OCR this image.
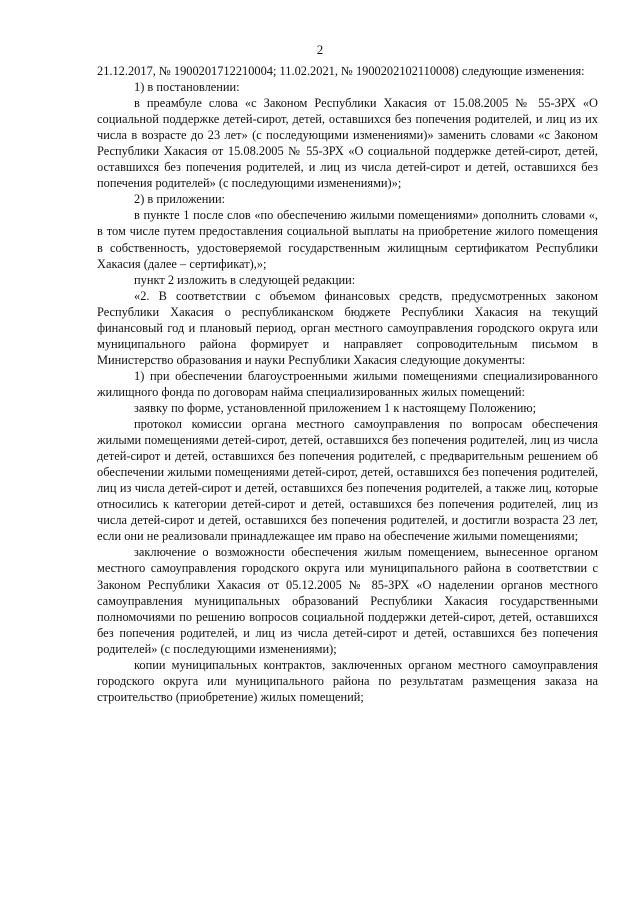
2

21.12.2017, № 1900201712210004; 11.02.2021, № 1900202102110008) следующие изменения:

1) в постановлении:

в преамбуле слова «с Законом Республики Хакасия от 15.08.2005 № 55-ЗРХ «О социальной поддержке детей-сирот, детей, оставшихся без попечения родителей, и лиц из их числа в возрасте до 23 лет» (с последующими изменениями)» заменить словами «с Законом Республики Хакасия от 15.08.2005 № 55-ЗРХ «О социальной поддержке детей-сирот, детей, оставшихся без попечения родителей, и лиц из числа детей-сирот и детей, оставшихся без попечения родителей» (с последующими изменениями)»;

2) в приложении:

в пункте 1 после слов «по обеспечению жилыми помещениями» дополнить словами «, в том числе путем предоставления социальной выплаты на приобретение жилого помещения в собственность, удостоверяемой государственным жилищным сертификатом Республики Хакасия (далее – сертификат),»;

пункт 2 изложить в следующей редакции:

«2. В соответствии с объемом финансовых средств, предусмотренных законом Республики Хакасия о республиканском бюджете Республики Хакасия на текущий финансовый год и плановый период, орган местного самоуправления городского округа или муниципального района формирует и направляет сопроводительным письмом в Министерство образования и науки Республики Хакасия следующие документы:

1) при обеспечении благоустроенными жилыми помещениями специализированного жилищного фонда по договорам найма специализированных жилых помещений:

заявку по форме, установленной приложением 1 к настоящему Положению;

протокол комиссии органа местного самоуправления по вопросам обеспечения жилыми помещениями детей-сирот, детей, оставшихся без попечения родителей, лиц из числа детей-сирот и детей, оставшихся без попечения родителей, с предварительным решением об обеспечении жилыми помещениями детей-сирот, детей, оставшихся без попечения родителей, лиц из числа детей-сирот и детей, оставшихся без попечения родителей, а также лиц, которые относились к категории детей-сирот и детей, оставшихся без попечения родителей, лиц из числа детей-сирот и детей, оставшихся без попечения родителей, и достигли возраста 23 лет, если они не реализовали принадлежащее им право на обеспечение жилыми помещениями;

заключение о возможности обеспечения жилым помещением, вынесенное органом местного самоуправления городского округа или муниципального района в соответствии с Законом Республики Хакасия от 05.12.2005 № 85-ЗРХ «О наделении органов местного самоуправления муниципальных образований Республики Хакасия государственными полномочиями по решению вопросов социальной поддержки детей-сирот, детей, оставшихся без попечения родителей, и лиц из числа детей-сирот и детей, оставшихся без попечения родителей» (с последующими изменениями);

копии муниципальных контрактов, заключенных органом местного самоуправления городского округа или муниципального района по результатам размещения заказа на строительство (приобретение) жилых помещений;
